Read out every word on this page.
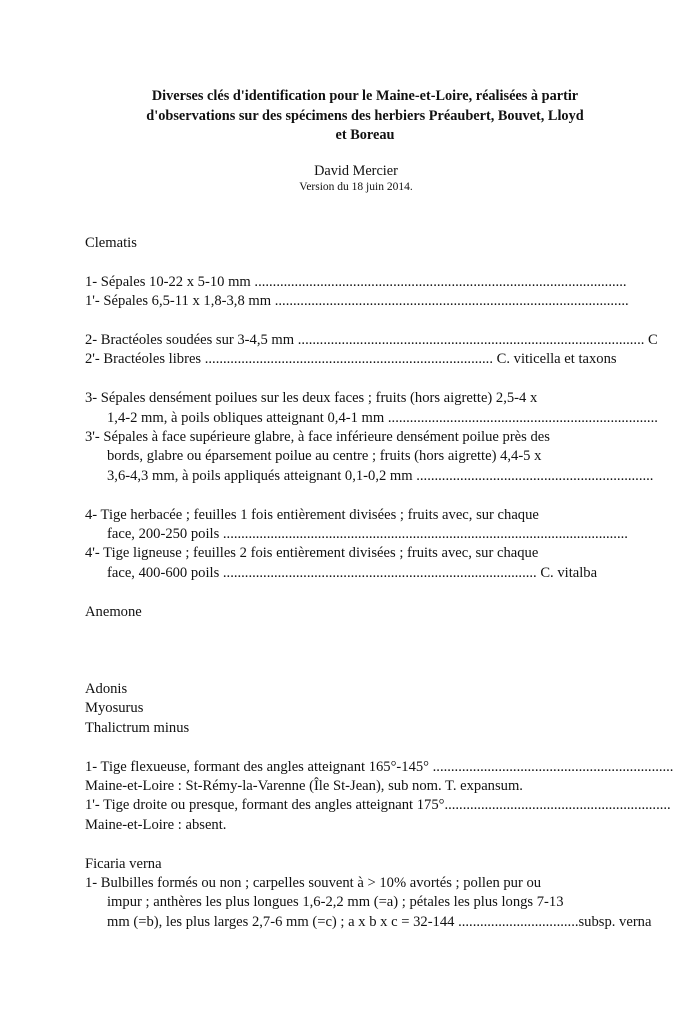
Diverses clés d'identification pour le Maine-et-Loire, réalisées à partir
d'observations sur des spécimens des herbiers Préaubert, Bouvet, Lloyd
et Boreau
David Mercier
Version du 18 juin 2014.
Clematis
1- Sépales 10-22 x 5-10 mm ......................................................................................................
1'- Sépales 6,5-11 x 1,8-3,8 mm .................................................................................................
2- Bractéoles soudées sur 3-4,5 mm ............................................................................................... C
2'- Bractéoles libres ............................................................................... C. viticella et taxons
3- Sépales densément poilues sur les deux faces ; fruits (hors aigrette) 2,5-4 x
1,4-2 mm, à poils obliques atteignant 0,4-1 mm ..........................................................................
3'- Sépales à face supérieure glabre, à face inférieure densément poilue près des
bords, glabre ou éparsement poilue au centre ; fruits (hors aigrette) 4,4-5 x
3,6-4,3 mm, à poils appliqués atteignant 0,1-0,2 mm .................................................................
4- Tige herbacée ; feuilles 1 fois entièrement divisées ; fruits avec, sur chaque
face, 200-250 poils ...............................................................................................................
4'- Tige ligneuse ; feuilles 2 fois entièrement divisées ; fruits avec, sur chaque
face, 400-600 poils ...................................................................................... C. vitalba
Anemone
Adonis
Myosurus
Thalictrum minus
1- Tige flexueuse, formant des angles atteignant 165°-145° ..................................................................
Maine-et-Loire : St-Rémy-la-Varenne (Île St-Jean), sub nom. T. expansum.
1'- Tige droite ou presque, formant des angles atteignant 175°..............................................................
Maine-et-Loire : absent.
Ficaria verna
1- Bulbilles formés ou non ; carpelles souvent à > 10% avortés ; pollen pur ou
impur ; anthères les plus longues 1,6-2,2 mm (=a) ; pétales les plus longs 7-13
mm (=b), les plus larges 2,7-6 mm (=c) ; a x b x c = 32-144 .................................subsp. verna
